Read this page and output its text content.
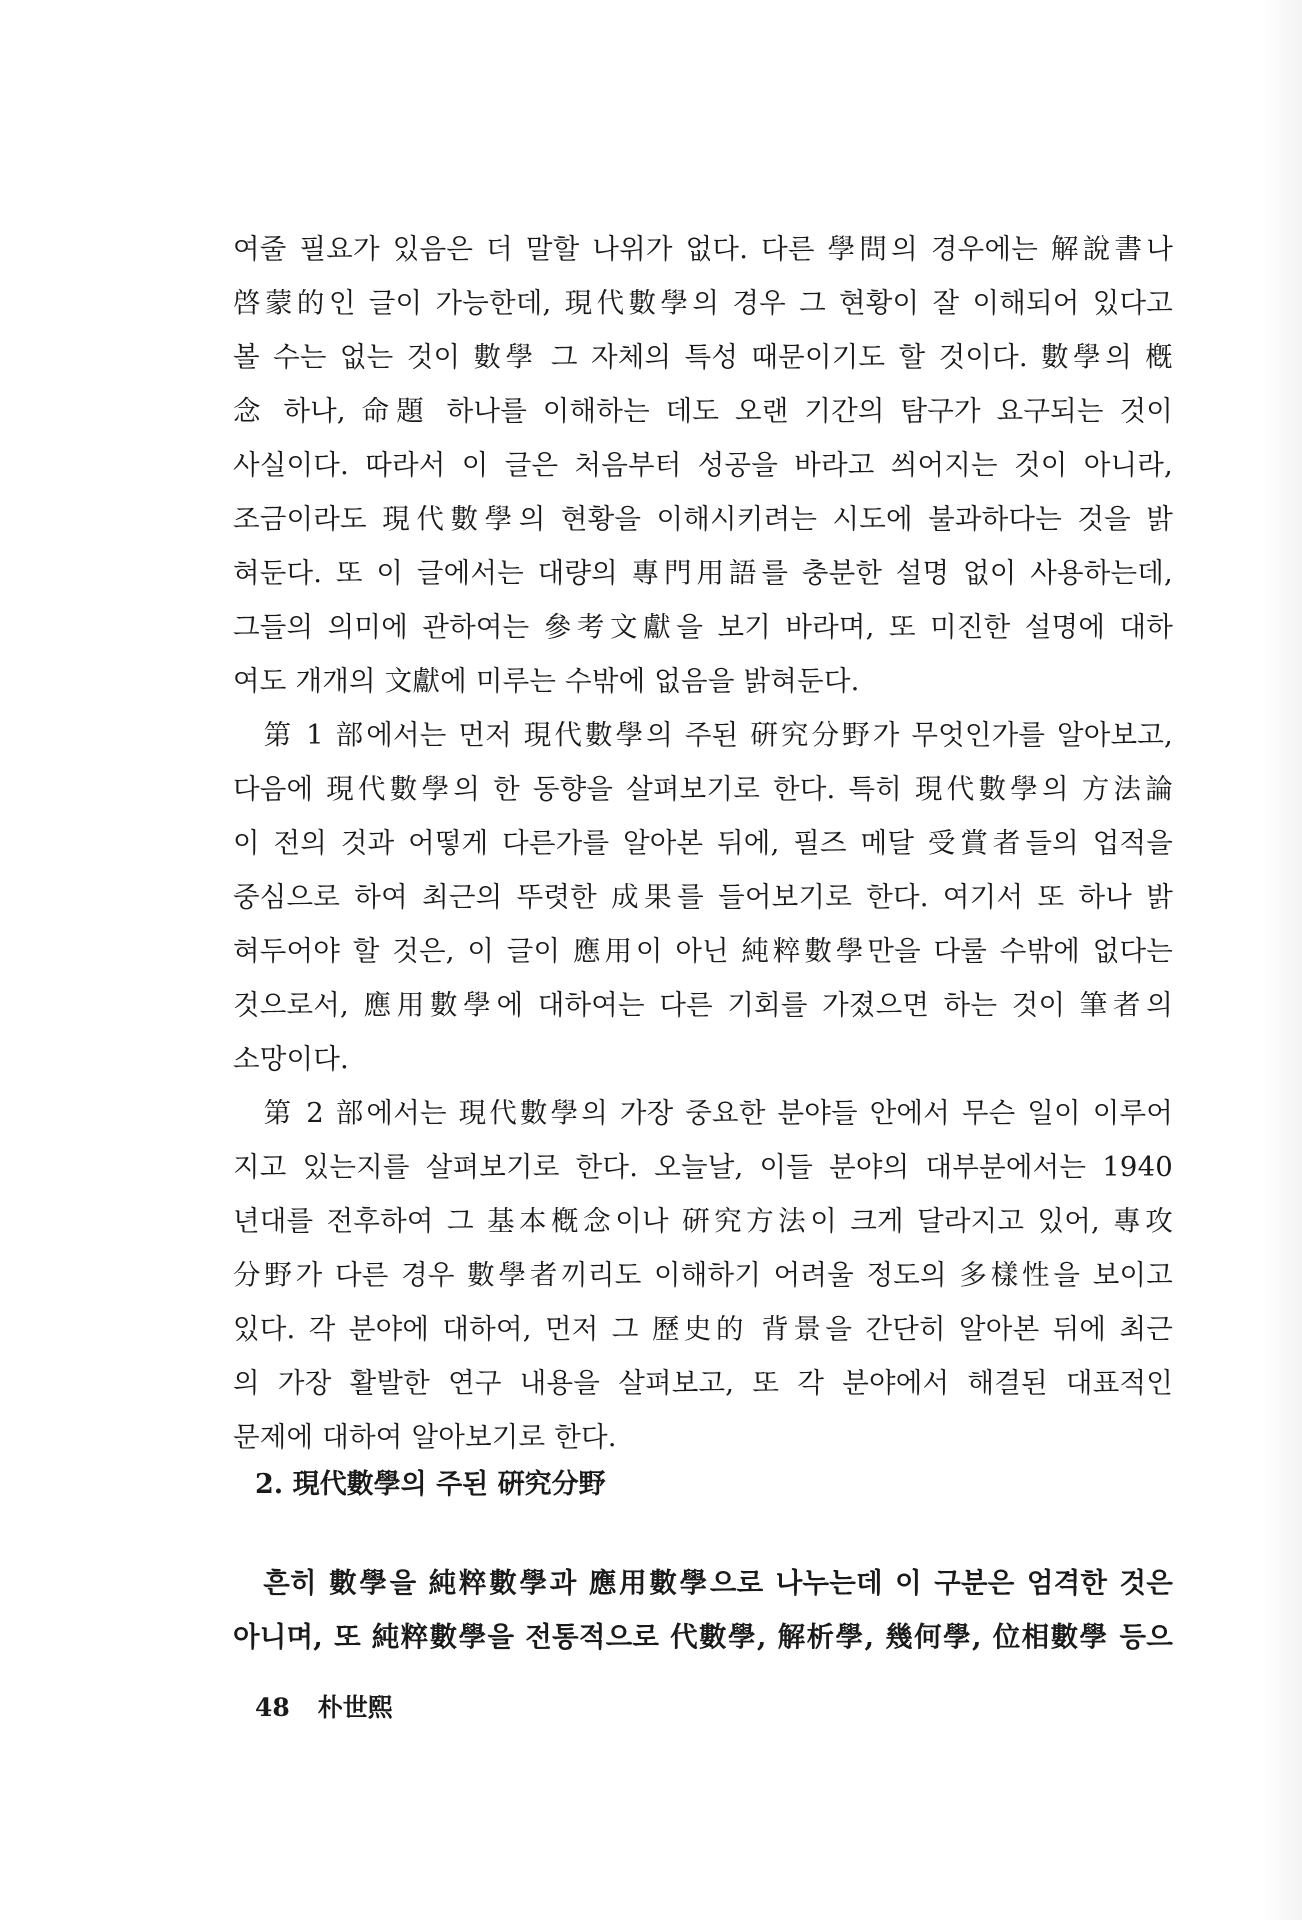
여줄 필요가 있음은 더 말할 나위가 없다. 다른 學問의 경우에는 解說書나
啓蒙的인 글이 가능한데, 現代數學의 경우 그 현황이 잘 이해되어 있다고
볼 수는 없는 것이 數學 그 자체의 특성 때문이기도 할 것이다. 數學의 槪
念 하나, 命題 하나를 이해하는 데도 오랜 기간의 탐구가 요구되는 것이
사실이다. 따라서 이 글은 처음부터 성공을 바라고 씌어지는 것이 아니라,
조금이라도 現代數學의 현황을 이해시키려는 시도에 불과하다는 것을 밝
혀둔다. 또 이 글에서는 대량의 專門用語를 충분한 설명 없이 사용하는데,
그들의 의미에 관하여는 參考文獻을 보기 바라며, 또 미진한 설명에 대하
여도 개개의 文獻에 미루는 수밖에 없음을 밝혀둔다.
　第 1 部에서는 먼저 現代數學의 주된 硏究分野가 무엇인가를 알아보고,
다음에 現代數學의 한 동향을 살펴보기로 한다. 특히 現代數學의 方法論
이 전의 것과 어떻게 다른가를 알아본 뒤에, 필즈 메달 受賞者들의 업적을
중심으로 하여 최근의 뚜렷한 成果를 들어보기로 한다. 여기서 또 하나 밝
혀두어야 할 것은, 이 글이 應用이 아닌 純粹數學만을 다룰 수밖에 없다는
것으로서, 應用數學에 대하여는 다른 기회를 가졌으면 하는 것이 筆者의
소망이다.
　第 2 部에서는 現代數學의 가장 중요한 분야들 안에서 무슨 일이 이루어
지고 있는지를 살펴보기로 한다. 오늘날, 이들 분야의 대부분에서는 1940
년대를 전후하여 그 基本槪念이나 硏究方法이 크게 달라지고 있어, 專攻
分野가 다른 경우 數學者끼리도 이해하기 어려울 정도의 多樣性을 보이고
있다. 각 분야에 대하여, 먼저 그 歷史的 背景을 간단히 알아본 뒤에 최근
의 가장 활발한 연구 내용을 살펴보고, 또 각 분야에서 해결된 대표적인
문제에 대하여 알아보기로 한다.
2. 現代數學의 주된 硏究分野
　흔히 數學을 純粹數學과 應用數學으로 나누는데 이 구분은 엄격한 것은
아니며, 또 純粹數學을 전통적으로 代數學, 解析學, 幾何學, 位相數學 등으
48 朴世熙
